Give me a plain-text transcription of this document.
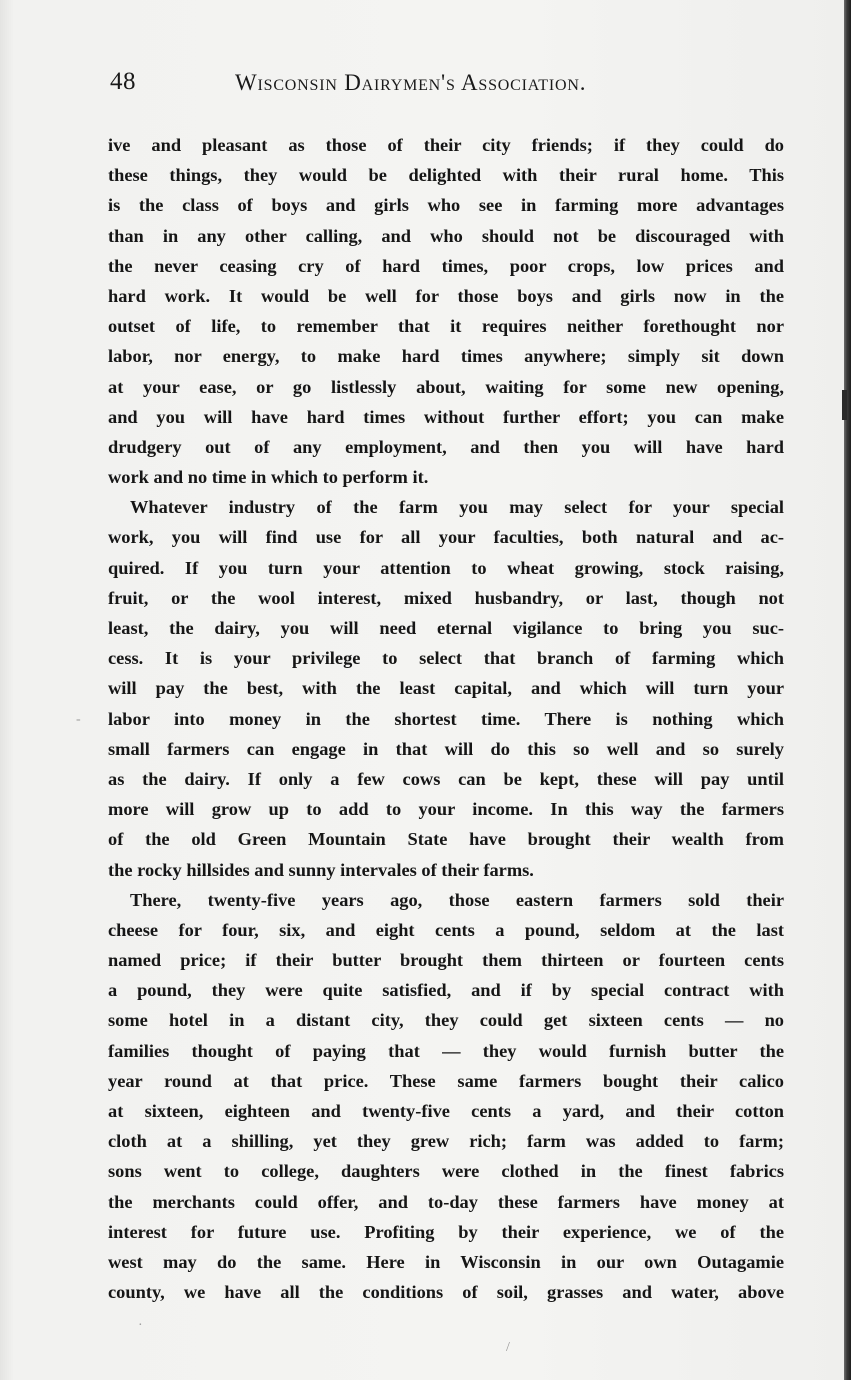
48	Wisconsin Dairymen's Association.
ive and pleasant as those of their city friends; if they could do
these things, they would be delighted with their rural home. This
is the class of boys and girls who see in farming more advantages
than in any other calling, and who should not be discouraged with
the never ceasing cry of hard times, poor crops, low prices and
hard work. It would be well for those boys and girls now in the
outset of life, to remember that it requires neither forethought nor
labor, nor energy, to make hard times anywhere; simply sit down
at your ease, or go listlessly about, waiting for some new opening,
and you will have hard times without further effort; you can make
drudgery out of any employment, and then you will have hard
work and no time in which to perform it.
Whatever industry of the farm you may select for your special
work, you will find use for all your faculties, both natural and ac-
quired. If you turn your attention to wheat growing, stock raising,
fruit, or the wool interest, mixed husbandry, or last, though not
least, the dairy, you will need eternal vigilance to bring you suc-
cess. It is your privilege to select that branch of farming which
will pay the best, with the least capital, and which will turn your
labor into money in the shortest time. There is nothing which
small farmers can engage in that will do this so well and so surely
as the dairy. If only a few cows can be kept, these will pay until
more will grow up to add to your income. In this way the farmers
of the old Green Mountain State have brought their wealth from
the rocky hillsides and sunny intervales of their farms.
There, twenty-five years ago, those eastern farmers sold their
cheese for four, six, and eight cents a pound, seldom at the last
named price; if their butter brought them thirteen or fourteen cents
a pound, they were quite satisfied, and if by special contract with
some hotel in a distant city, they could get sixteen cents — no
families thought of paying that — they would furnish butter the
year round at that price. These same farmers bought their calico
at sixteen, eighteen and twenty-five cents a yard, and their cotton
cloth at a shilling, yet they grew rich; farm was added to farm;
sons went to college, daughters were clothed in the finest fabrics
the merchants could offer, and to-day these farmers have money at
interest for future use. Profiting by their experience, we of the
west may do the same. Here in Wisconsin in our own Outagamie
county, we have all the conditions of soil, grasses and water, above
-
·
/
